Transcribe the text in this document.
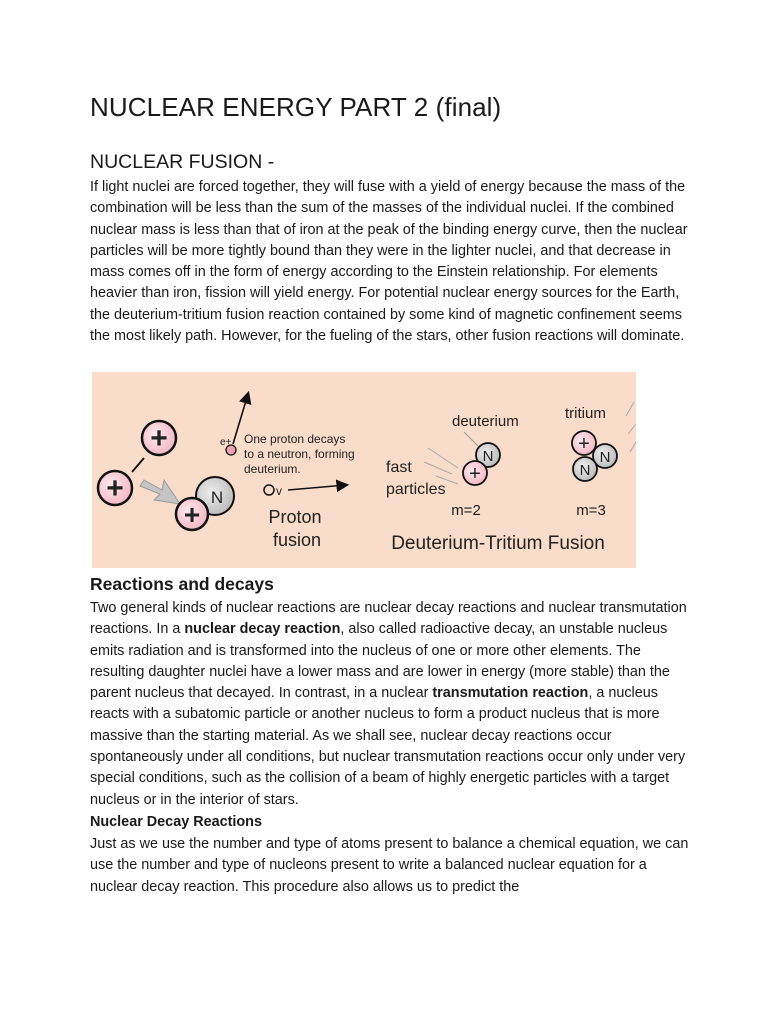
NUCLEAR ENERGY PART 2 (final)
NUCLEAR FUSION -

If light nuclei are forced together, they will fuse with a yield of energy because the mass of the combination will be less than the sum of the masses of the individual nuclei. If the combined nuclear mass is less than that of iron at the peak of the binding energy curve, then the nuclear particles will be more tightly bound than they were in the lighter nuclei, and that decrease in mass comes off in the form of energy according to the Einstein relationship. For elements heavier than iron, fission will yield energy. For potential nuclear energy sources for the Earth, the deuterium-tritium fusion reaction contained by some kind of magnetic confinement seems the most likely path. However, for the fueling of the stars, other fusion reactions will dominate.

+
+	N
+
e+ One proton decays
to a neutron, forming
deuterium.
v
Proton
fusion
deuterium	tritium
fast
particles
N
+
+
N
N
m=2	m=3
Deuterium-Tritium Fusion
Reactions and decays

Two general kinds of nuclear reactions are nuclear decay reactions and nuclear transmutation reactions. In a nuclear decay reaction, also called radioactive decay, an unstable nucleus emits radiation and is transformed into the nucleus of one or more other elements. The resulting daughter nuclei have a lower mass and are lower in energy (more stable) than the parent nucleus that decayed. In contrast, in a nuclear transmutation reaction, a nucleus reacts with a subatomic particle or another nucleus to form a product nucleus that is more massive than the starting material. As we shall see, nuclear decay reactions occur spontaneously under all conditions, but nuclear transmutation reactions occur only under very special conditions, such as the collision of a beam of highly energetic particles with a target nucleus or in the interior of stars.

Nuclear Decay Reactions

Just as we use the number and type of atoms present to balance a chemical equation, we can use the number and type of nucleons present to write a balanced nuclear equation for a nuclear decay reaction. This procedure also allows us to predict the
